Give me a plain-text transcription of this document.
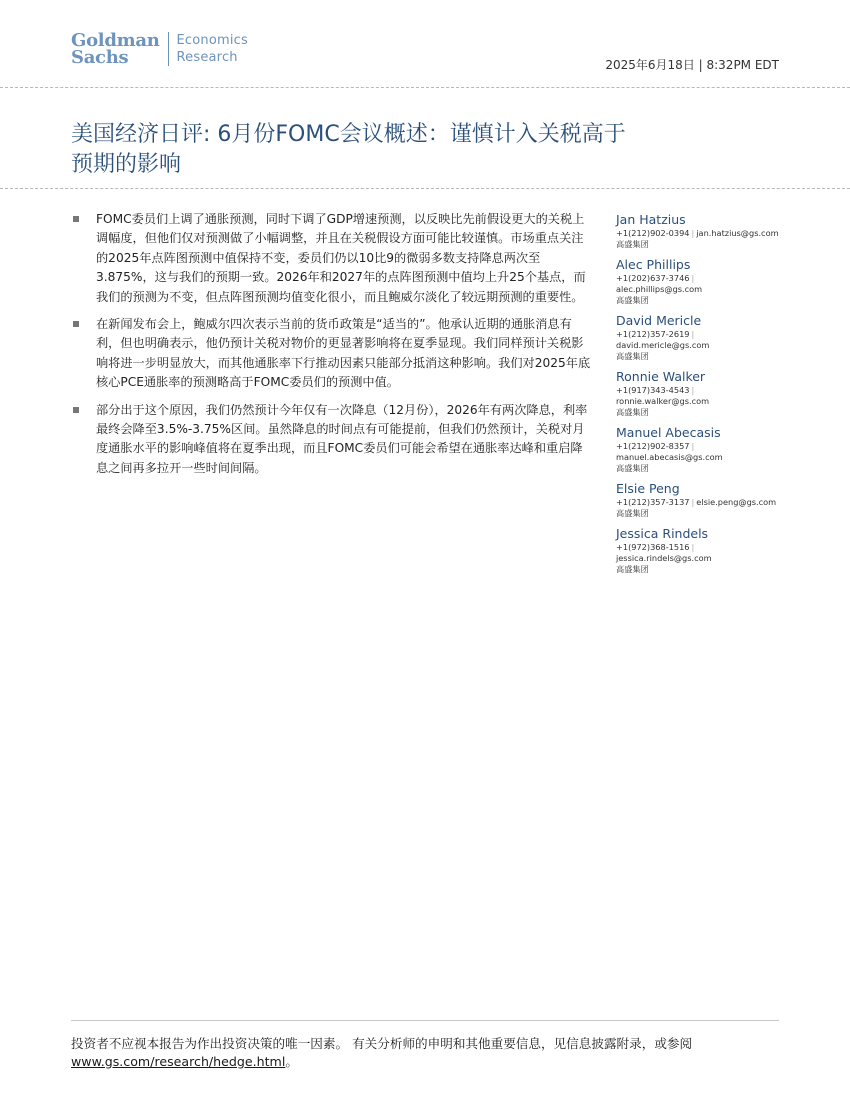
Goldman
Sachs
Economics
Research	2025年6月18日 | 8:32PM EDT
美国经济日评: 6月份FOMC会议概述：谨慎计入关税高于
预期的影响
FOMC委员们上调了通胀预测，同时下调了GDP增速预测，以反映比先前假设更大的关税上调幅度，但他们仅对预测做了小幅调整，并且在关税假设方面可能比较谨慎。市场重点关注的2025年点阵图预测中值保持不变，委员们仍以10比9的微弱多数支持降息两次至3.875%，这与我们的预期一致。2026年和2027年的点阵图预测中值均上升25个基点，而我们的预测为不变，但点阵图预测均值变化很小，而且鲍威尔淡化了较远期预测的重要性。
在新闻发布会上，鲍威尔四次表示当前的货币政策是“适当的”。他承认近期的通胀消息有利，但也明确表示，他仍预计关税对物价的更显著影响将在夏季显现。我们同样预计关税影响将进一步明显放大，而其他通胀率下行推动因素只能部分抵消这种影响。我们对2025年底核心PCE通胀率的预测略高于FOMC委员们的预测中值。
部分出于这个原因，我们仍然预计今年仅有一次降息（12月份），2026年有两次降息，利率最终会降至3.5%-3.75%区间。虽然降息的时间点有可能提前，但我们仍然预计，关税对月度通胀水平的影响峰值将在夏季出现，而且FOMC委员们可能会希望在通胀率达峰和重启降息之间再多拉开一些时间间隔。
Jan Hatzius
+1(212)902-0394 | jan.hatzius@gs.com
高盛集团
Alec Phillips
+1(202)637-3746 |
alec.phillips@gs.com
高盛集团
David Mericle
+1(212)357-2619 |
david.mericle@gs.com
高盛集团
Ronnie Walker
+1(917)343-4543 |
ronnie.walker@gs.com
高盛集团
Manuel Abecasis
+1(212)902-8357 |
manuel.abecasis@gs.com
高盛集团
Elsie Peng
+1(212)357-3137 | elsie.peng@gs.com
高盛集团
Jessica Rindels
+1(972)368-1516 |
jessica.rindels@gs.com
高盛集团
投资者不应视本报告为作出投资决策的唯一因素。 有关分析师的申明和其他重要信息，见信息披露附录，或参阅
www.gs.com/research/hedge.html。
